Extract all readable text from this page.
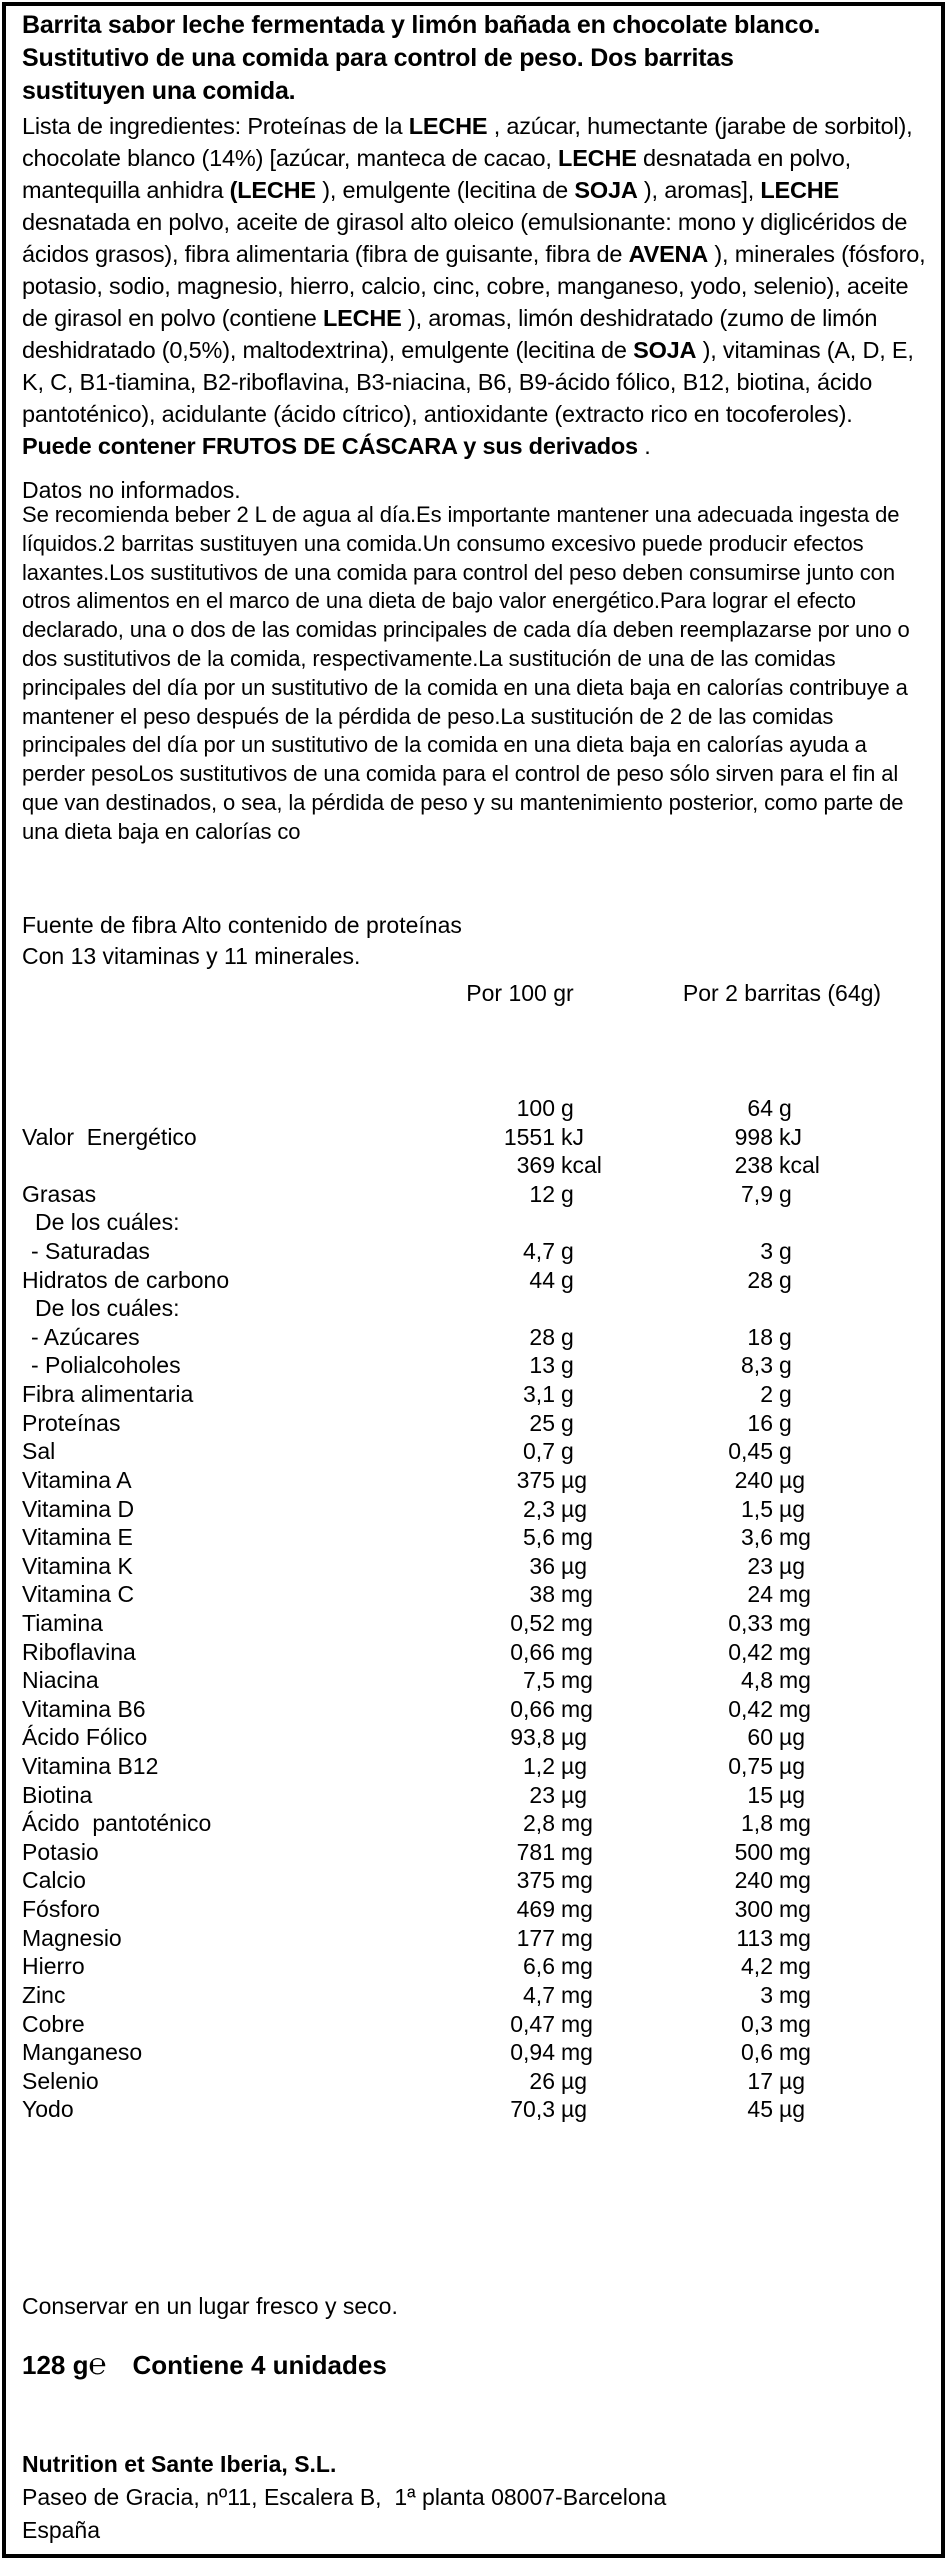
Barrita sabor leche fermentada y limón bañada en chocolate blanco. Sustitutivo de una comida para control de peso. Dos barritas sustituyen una comida.
Lista de ingredientes: Proteínas de la LECHE , azúcar, humectante (jarabe de sorbitol), chocolate blanco (14%) [azúcar, manteca de cacao, LECHE desnatada en polvo, mantequilla anhidra (LECHE ), emulgente (lecitina de SOJA ), aromas], LECHE desnatada en polvo, aceite de girasol alto oleico (emulsionante: mono y diglicéridos de ácidos grasos), fibra alimentaria (fibra de guisante, fibra de AVENA ), minerales (fósforo, potasio, sodio, magnesio, hierro, calcio, cinc, cobre, manganeso, yodo, selenio), aceite de girasol en polvo (contiene LECHE ), aromas, limón deshidratado (zumo de limón deshidratado (0,5%), maltodextrina), emulgente (lecitina de SOJA ), vitaminas (A, D, E, K, C, B1-tiamina, B2-riboflavina, B3-niacina, B6, B9-ácido fólico, B12, biotina, ácido pantoténico), acidulante (ácido cítrico), antioxidante (extracto rico en tocoferoles). Puede contener FRUTOS DE CÁSCARA y sus derivados .
Datos no informados.
Se recomienda beber 2 L de agua al día.Es importante mantener una adecuada ingesta de líquidos.2 barritas sustituyen una comida.Un consumo excesivo puede producir efectos laxantes.Los sustitutivos de una comida para control del peso deben consumirse junto con otros alimentos en el marco de una dieta de bajo valor energético.Para lograr el efecto declarado, una o dos de las comidas principales de cada día deben reemplazarse por uno o dos sustitutivos de la comida, respectivamente.La sustitución de una de las comidas principales del día por un sustitutivo de la comida en una dieta baja en calorías contribuye a mantener el peso después de la pérdida de peso.La sustitución de 2 de las comidas principales del día por un sustitutivo de la comida en una dieta baja en calorías ayuda a perder pesoLos sustitutivos de una comida para el control de peso sólo sirven para el fin al que van destinados, o sea, la pérdida de peso y su mantenimiento posterior, como parte de una dieta baja en calorías co
Fuente de fibra Alto contenido de proteínas
Con 13 vitaminas y 11 minerales.
Por 100 gr	Por 2 barritas (64g)
100 g	64 g
Valor  Energético	1551 kJ	998 kJ
369 kcal	238 kcal
Grasas	12 g	7,9 g
De los cuáles:
- Saturadas	4,7 g	3 g
Hidratos de carbono	44 g	28 g
De los cuáles:
- Azúcares	28 g	18 g
- Polialcoholes	13 g	8,3 g
Fibra alimentaria	3,1 g	2 g
Proteínas	25 g	16 g
Sal	0,7 g	0,45 g
Vitamina A	375 µg	240 µg
Vitamina D	2,3 µg	1,5 µg
Vitamina E	5,6 mg	3,6 mg
Vitamina K	36 µg	23 µg
Vitamina C	38 mg	24 mg
Tiamina	0,52 mg	0,33 mg
Riboflavina	0,66 mg	0,42 mg
Niacina	7,5 mg	4,8 mg
Vitamina B6	0,66 mg	0,42 mg
Ácido Fólico	93,8 µg	60 µg
Vitamina B12	1,2 µg	0,75 µg
Biotina	23 µg	15 µg
Ácido  pantoténico	2,8 mg	1,8 mg
Potasio	781 mg	500 mg
Calcio	375 mg	240 mg
Fósforo	469 mg	300 mg
Magnesio	177 mg	113 mg
Hierro	6,6 mg	4,2 mg
Zinc	4,7 mg	3 mg
Cobre	0,47 mg	0,3 mg
Manganeso	0,94 mg	0,6 mg
Selenio	26 µg	17 µg
Yodo	70,3 µg	45 µg
Conservar en un lugar fresco y seco.
128 g℮ Contiene 4 unidades
Nutrition et Sante Iberia, S.L.
Paseo de Gracia, nº11, Escalera B,  1ª planta 08007-Barcelona
España
